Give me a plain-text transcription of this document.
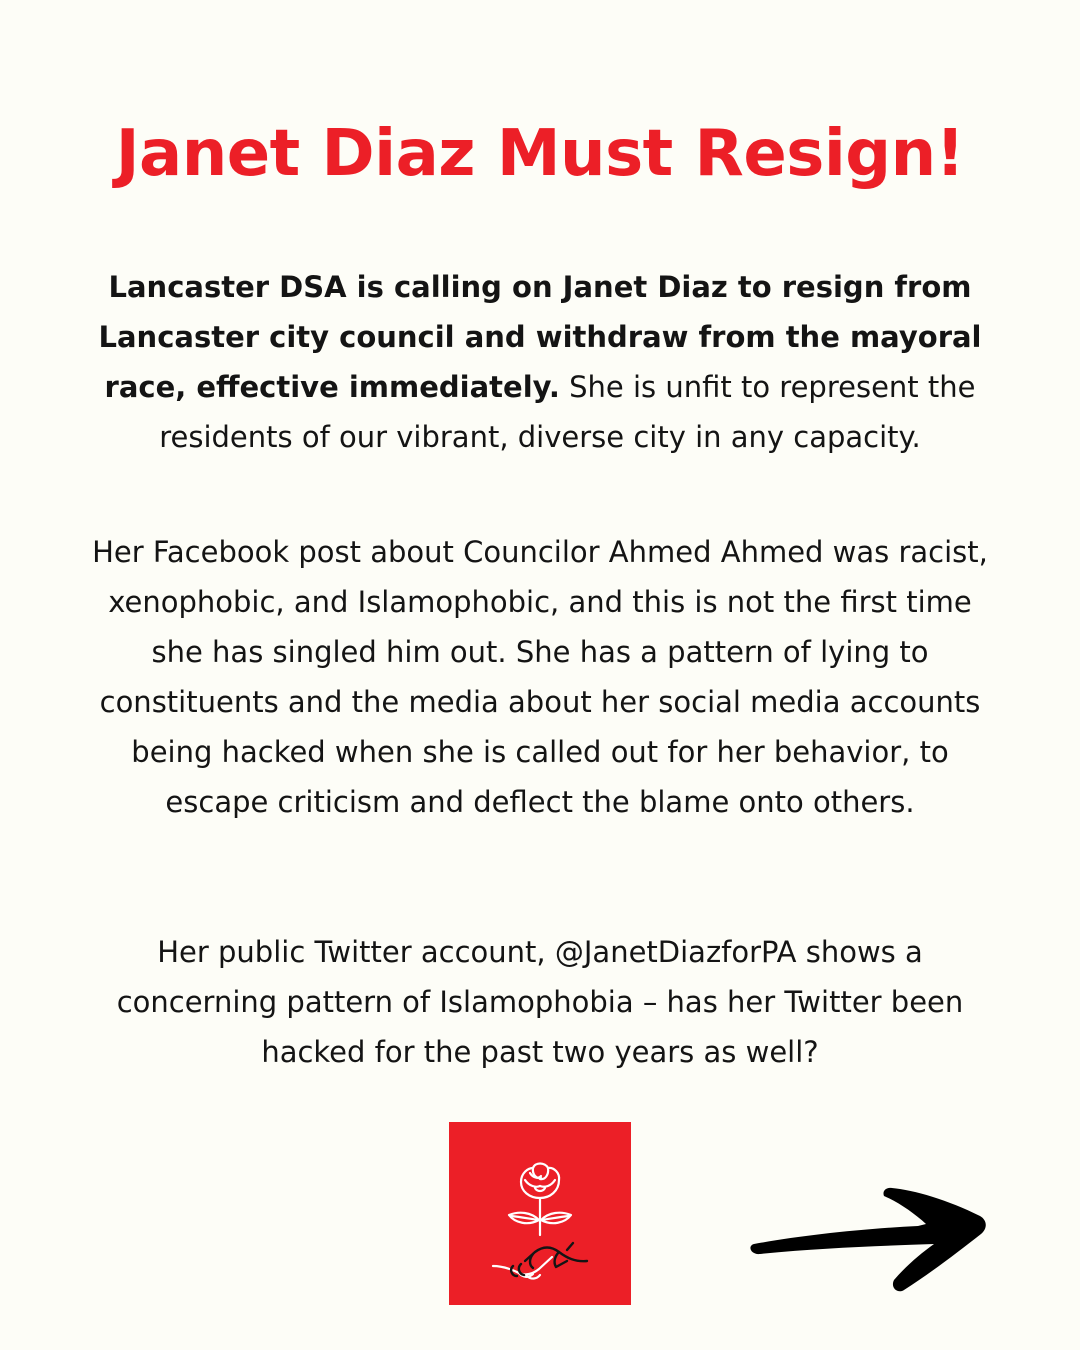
Janet Diaz Must Resign!

Lancaster DSA is calling on Janet Diaz to resign from Lancaster city council and withdraw from the mayoral race, effective immediately. She is unfit to represent the residents of our vibrant, diverse city in any capacity.

Her Facebook post about Councilor Ahmed Ahmed was racist, xenophobic, and Islamophobic, and this is not the first time she has singled him out. She has a pattern of lying to constituents and the media about her social media accounts being hacked when she is called out for her behavior, to escape criticism and deflect the blame onto others.

Her public Twitter account, @JanetDiazforPA shows a concerning pattern of Islamophobia – has her Twitter been hacked for the past two years as well?
